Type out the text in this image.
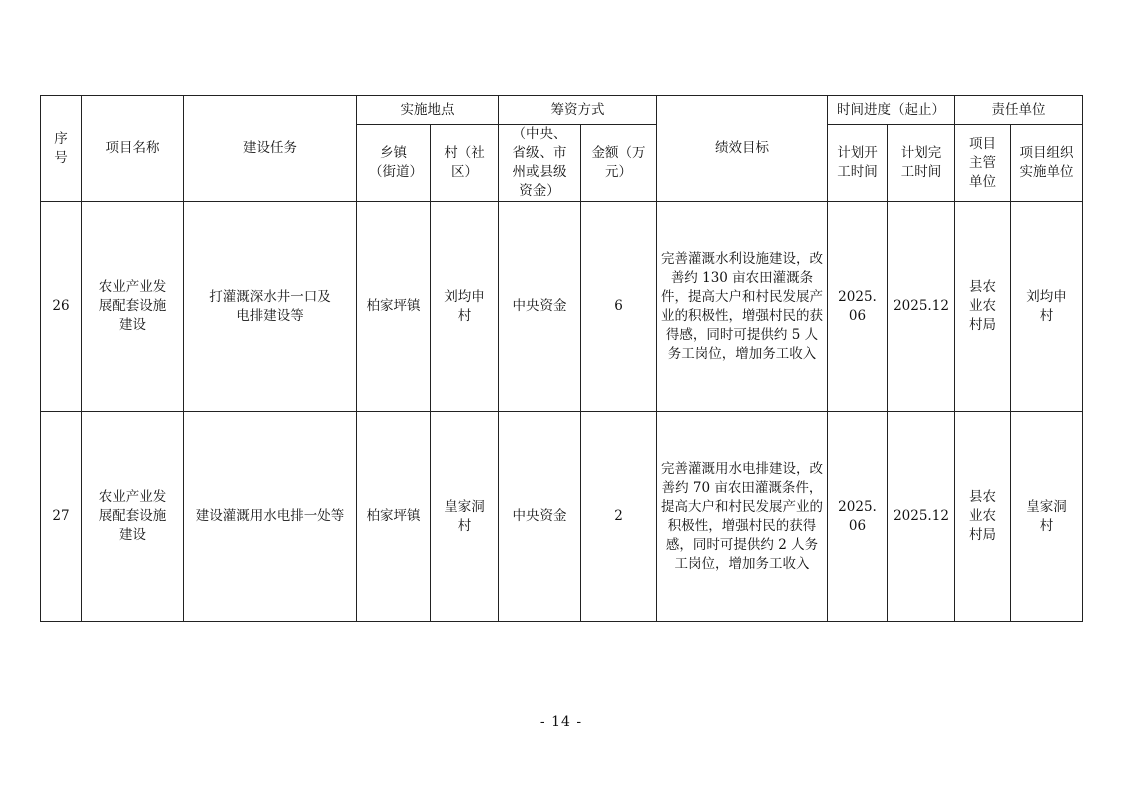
序号	项目名称	建设任务	实施地点		筹资方式		绩效目标	时间进度（起止）		责任单位	
			乡镇（街道）	村（社区）	（中央、省级、市州或县级资金）	金额（万元）		计划开工时间	计划完工时间	项目主管单位	项目组织实施单位
26	农业产业发展配套设施建设	打灌溉深水井一口及电排建设等	柏家坪镇	刘均申村	中央资金	6	完善灌溉水利设施建设，改善约 130 亩农田灌溉条件，提高大户和村民发展产业的积极性，增强村民的获得感，同时可提供约 5 人务工岗位，增加务工收入	2025.06	2025.12	县农业农村局	刘均申村
27	农业产业发展配套设施建设	建设灌溉用水电排一处等	柏家坪镇	皇家洞村	中央资金	2	完善灌溉用水电排建设，改善约 70 亩农田灌溉条件，提高大户和村民发展产业的积极性，增强村民的获得感，同时可提供约 2 人务工岗位，增加务工收入	2025.06	2025.12	县农业农村局	皇家洞村
- 14 -
